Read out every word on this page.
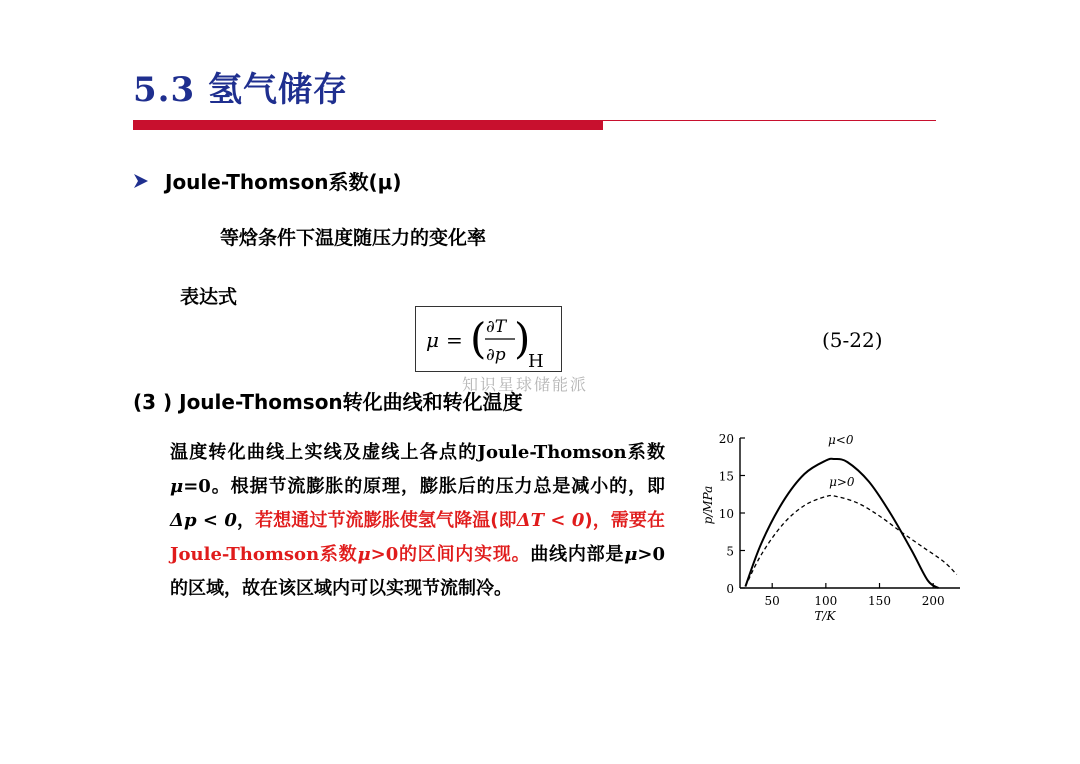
5.3 氢气储存
Joule-Thomson系数(μ)
等焓条件下温度随压力的变化率
表达式
μ = ( ∂T
∂p )
H
(5-22)
知识星球储能派
(3 ) Joule-Thomson转化曲线和转化温度
温度转化曲线上实线及虚线上各点的Joule-Thomson系数μ=0。根据节流膨胀的原理，膨胀后的压力总是减小的，即Δp < 0，若想通过节流膨胀使氢气降温(即ΔT < 0)，需要在Joule-Thomson系数μ>0的区间内实现。曲线内部是μ>0的区域，故在该区域内可以实现节流制冷。	0
5
10
15
20
50	100	150	200
T/K
p/MPa
μ<0
μ>0
